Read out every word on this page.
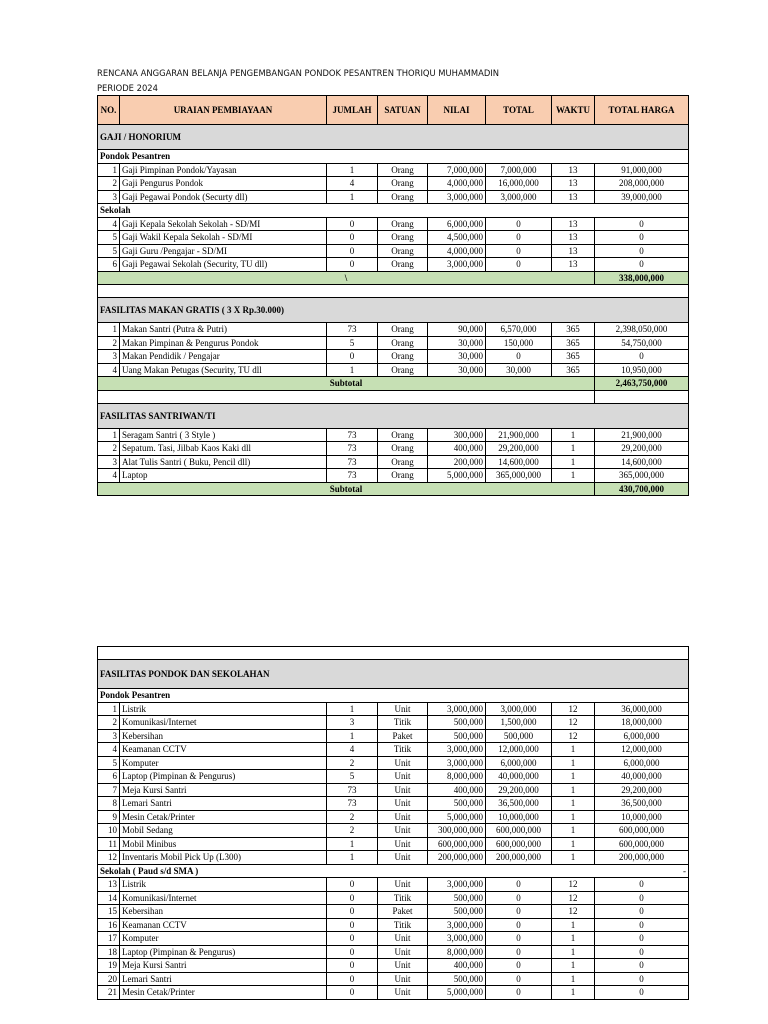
RENCANA ANGGARAN BELANJA PENGEMBANGAN PONDOK PESANTREN THORIQU MUHAMMADIN
PERIODE 2024
NO.	URAIAN PEMBIAYAAN	JUMLAH	SATUAN	NILAI	TOTAL	WAKTU	TOTAL HARGA
GAJI / HONORIUM							
Pondok Pesantren							
1	Gaji Pimpinan Pondok/Yayasan	1	Orang	7,000,000	7,000,000	13	91,000,000
2	Gaji Pengurus Pondok	4	Orang	4,000,000	16,000,000	13	208,000,000
3	Gaji Pegawai Pondok (Securty dll)	1	Orang	3,000,000	3,000,000	13	39,000,000
Sekolah							
4	Gaji Kepala Sekolah Sekolah - SD/MI	0	Orang	6,000,000	0	13	0
5	Gaji Wakil Kepala Sekolah - SD/MI	0	Orang	4,500,000	0	13	0
5	Gaji Guru /Pengajar - SD/MI	0	Orang	4,000,000	0	13	0
6	Gaji Pegawai Sekolah (Security, TU dll)	0	Orang	3,000,000	0	13	0
\							338,000,000

FASILITAS MAKAN GRATIS ( 3 X Rp.30.000)							
1	Makan Santri (Putra & Putri)	73	Orang	90,000	6,570,000	365	2,398,050,000
2	Makan Pimpinan & Pengurus Pondok	5	Orang	30,000	150,000	365	54,750,000
3	Makan Pendidik / Pengajar	0	Orang	30,000	0	365	0
4	Uang Makan Petugas (Security, TU dll	1	Orang	30,000	30,000	365	10,950,000
Subtotal							2,463,750,000

FASILITAS SANTRIWAN/TI							
1	Seragam Santri ( 3 Style )	73	Orang	300,000	21,900,000	1	21,900,000
2	Sepatum. Tasi, Jilbab Kaos Kaki dll	73	Orang	400,000	29,200,000	1	29,200,000
3	Alat Tulis Santri ( Buku, Pencil dll)	73	Orang	200,000	14,600,000	1	14,600,000
4	Laptop	73	Orang	5,000,000	365,000,000	1	365,000,000
Subtotal							430,700,000

FASILITAS PONDOK DAN SEKOLAHAN							
Pondok Pesantren							
1	Listrik	1	Unit	3,000,000	3,000,000	12	36,000,000
2	Komunikasi/Internet	3	Titik	500,000	1,500,000	12	18,000,000
3	Kebersihan	1	Paket	500,000	500,000	12	6,000,000
4	Keamanan CCTV	4	Titik	3,000,000	12,000,000	1	12,000,000
5	Komputer	2	Unit	3,000,000	6,000,000	1	6,000,000
6	Laptop (Pimpinan & Pengurus)	5	Unit	8,000,000	40,000,000	1	40,000,000
7	Meja Kursi Santri	73	Unit	400,000	29,200,000	1	29,200,000
8	Lemari Santri	73	Unit	500,000	36,500,000	1	36,500,000
9	Mesin Cetak/Printer	2	Unit	5,000,000	10,000,000	1	10,000,000
10	Mobil Sedang	2	Unit	300,000,000	600,000,000	1	600,000,000
11	Mobil Minibus	1	Unit	600,000,000	600,000,000	1	600,000,000
12	Inventaris Mobil Pick Up (L300)	1	Unit	200,000,000	200,000,000	1	200,000,000
Sekolah ( Paud s/d SMA )							-
13	Listrik	0	Unit	3,000,000	0	12	0
14	Komunikasi/Internet	0	Titik	500,000	0	12	0
15	Kebersihan	0	Paket	500,000	0	12	0
16	Keamanan CCTV	0	Titik	3,000,000	0	1	0
17	Komputer	0	Unit	3,000,000	0	1	0
18	Laptop (Pimpinan & Pengurus)	0	Unit	8,000,000	0	1	0
19	Meja Kursi Santri	0	Unit	400,000	0	1	0
20	Lemari Santri	0	Unit	500,000	0	1	0
21	Mesin Cetak/Printer	0	Unit	5,000,000	0	1	0
